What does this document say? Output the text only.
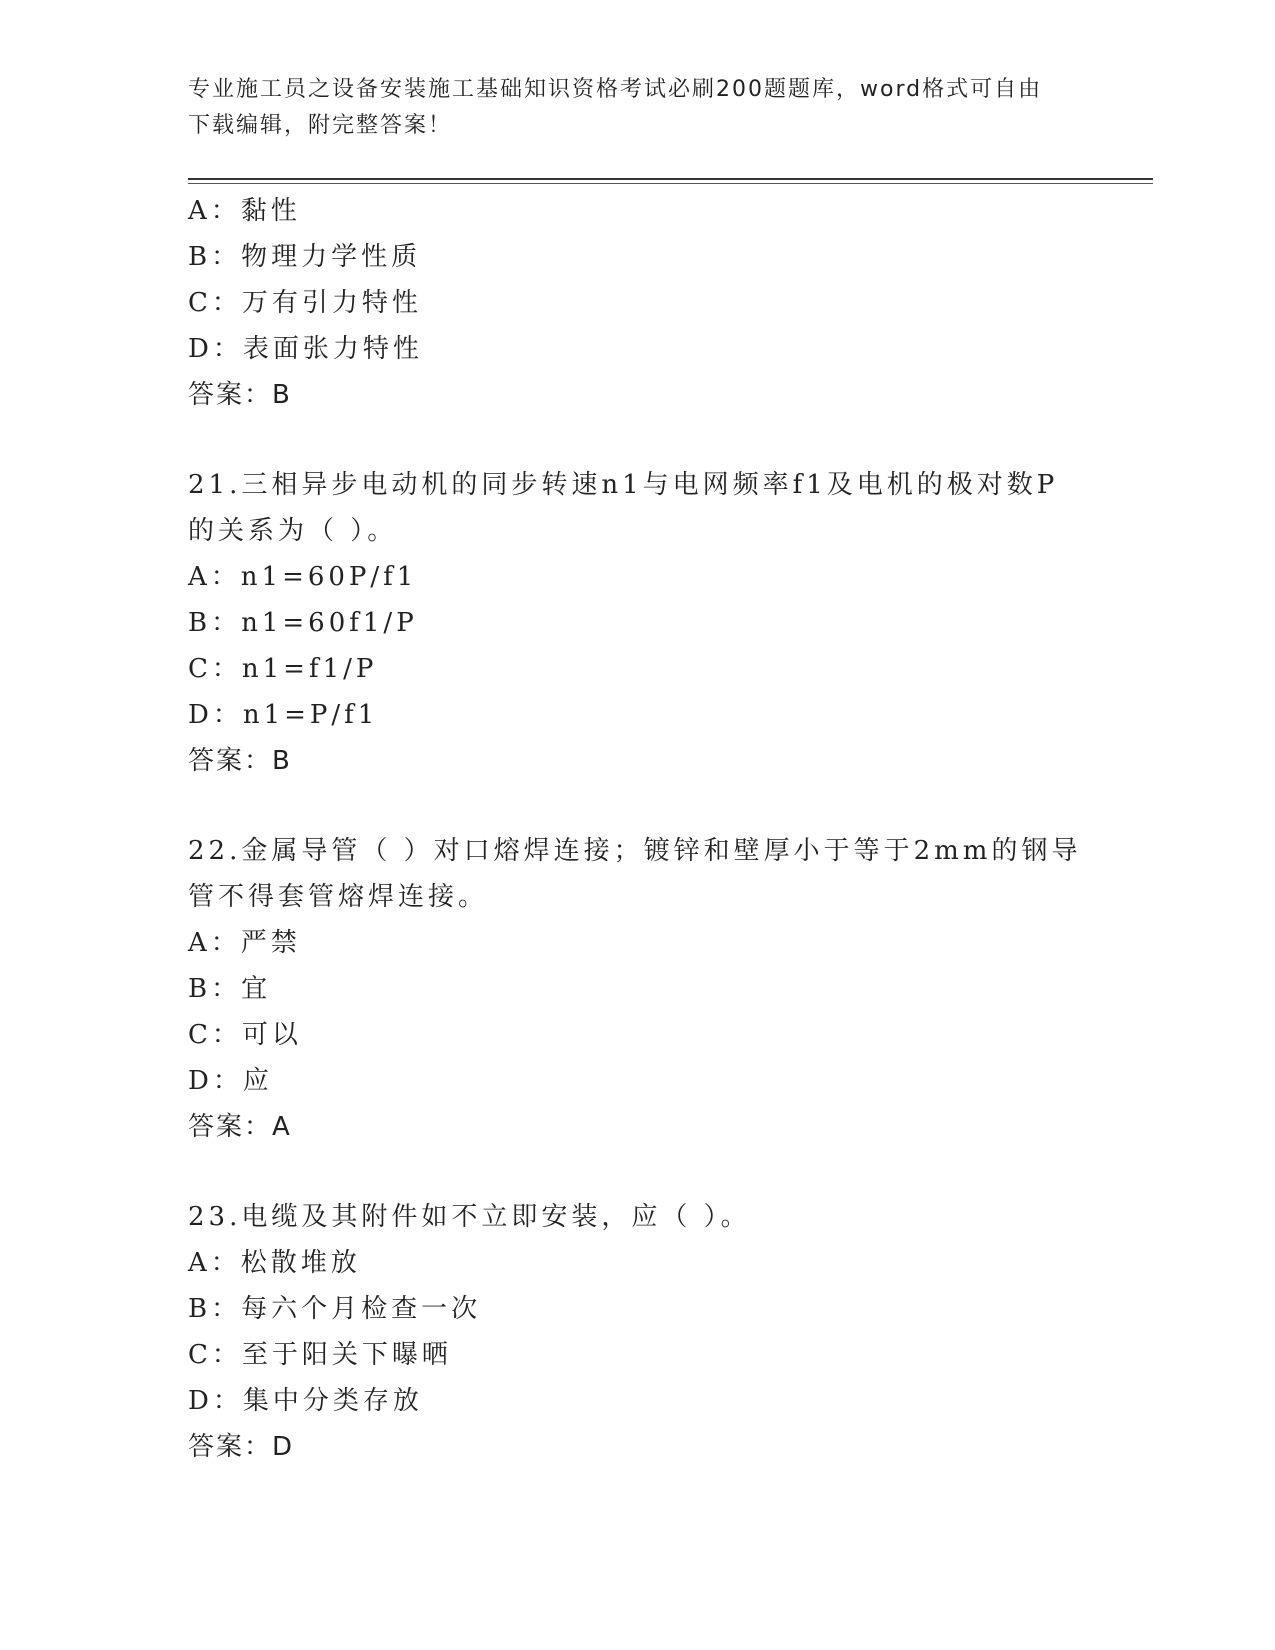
专业施工员之设备安装施工基础知识资格考试必刷200题题库，word格式可自由
下载编辑，附完整答案！
A：黏性
B：物理力学性质
C：万有引力特性
D：表面张力特性
答案：B
21.三相异步电动机的同步转速n1与电网频率f1及电机的极对数P的关系为（ ）。
A：n1=60P/f1
B：n1=60f1/P
C：n1=f1/P
D：n1=P/f1
答案：B
22.金属导管（ ）对口熔焊连接；镀锌和壁厚小于等于2mm的钢导管不得套管熔焊连接。
A：严禁
B：宜
C：可以
D：应
答案：A
23.电缆及其附件如不立即安装，应（ ）。
A：松散堆放
B：每六个月检查一次
C：至于阳关下曝晒
D：集中分类存放
答案：D
